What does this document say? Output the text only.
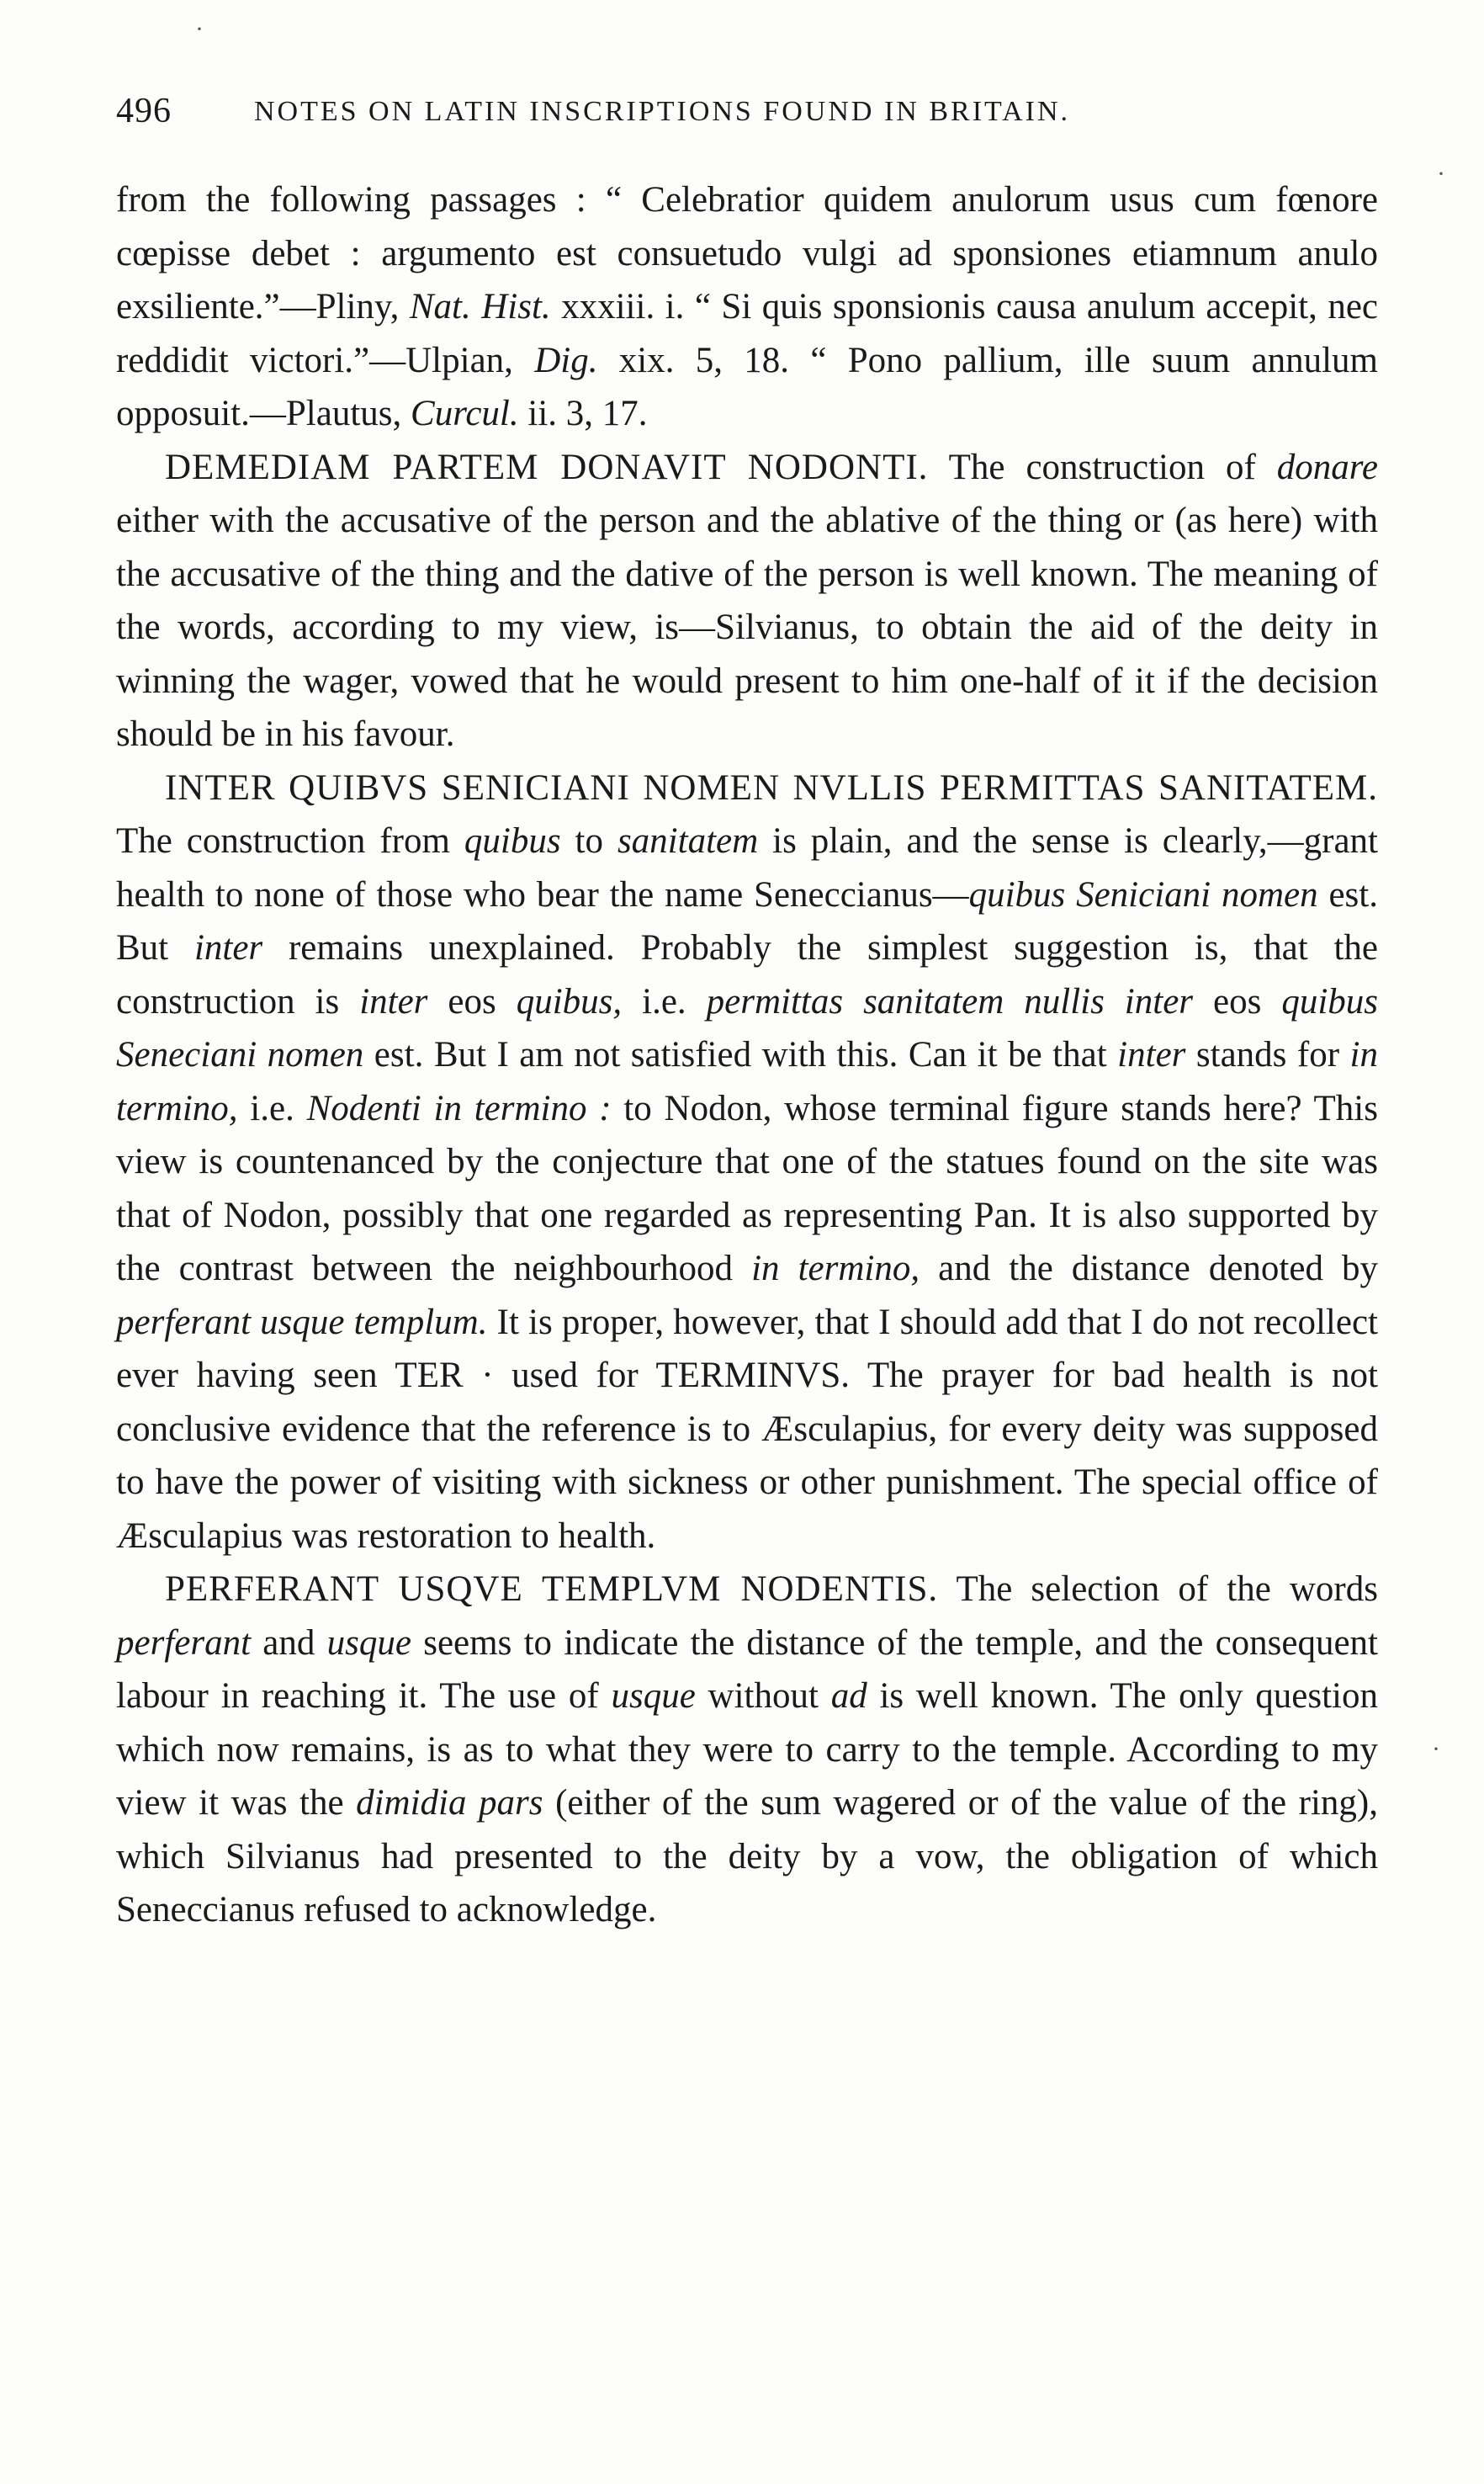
496	NOTES ON LATIN INSCRIPTIONS FOUND IN BRITAIN.
·
·
·

from the following passages : “ Celebratior quidem anulorum usus cum fœnore cœpisse debet : argumento est consuetudo vulgi ad sponsiones etiamnum anulo exsiliente.”—Pliny, Nat. Hist. xxxiii. i. “ Si quis sponsionis causa anulum accepit, nec reddidit victori.”—Ulpian, Dig. xix. 5, 18. “ Pono pallium, ille suum annulum opposuit.—Plautus, Curcul. ii. 3, 17.

DEMEDIAM PARTEM DONAVIT NODONTI. The construction of donare either with the accusative of the person and the ablative of the thing or (as here) with the accusative of the thing and the dative of the person is well known. The meaning of the words, according to my view, is—Silvianus, to obtain the aid of the deity in winning the wager, vowed that he would present to him one-half of it if the decision should be in his favour.

INTER QUIBVS SENICIANI NOMEN NVLLIS PERMITTAS SANITATEM. The construction from quibus to sanitatem is plain, and the sense is clearly,—grant health to none of those who bear the name Seneccianus—quibus Seniciani nomen est. But inter remains unexplained. Probably the simplest suggestion is, that the construction is inter eos quibus, i.e. permittas sanitatem nullis inter eos quibus Seneciani nomen est. But I am not satisfied with this. Can it be that inter stands for in termino, i.e. Nodenti in termino : to Nodon, whose terminal figure stands here? This view is countenanced by the conjecture that one of the statues found on the site was that of Nodon, possibly that one regarded as representing Pan. It is also supported by the contrast between the neighbourhood in termino, and the distance denoted by perferant usque templum. It is proper, however, that I should add that I do not recollect ever having seen TER · used for TERMINVS. The prayer for bad health is not conclusive evidence that the reference is to Æsculapius, for every deity was supposed to have the power of visiting with sickness or other punishment. The special office of Æsculapius was restoration to health.

PERFERANT USQVE TEMPLVM NODENTIS. The selection of the words perferant and usque seems to indicate the distance of the temple, and the consequent labour in reaching it. The use of usque without ad is well known. The only question which now remains, is as to what they were to carry to the temple. According to my view it was the dimidia pars (either of the sum wagered or of the value of the ring), which Silvianus had presented to the deity by a vow, the obligation of which Seneccianus refused to acknowledge.
